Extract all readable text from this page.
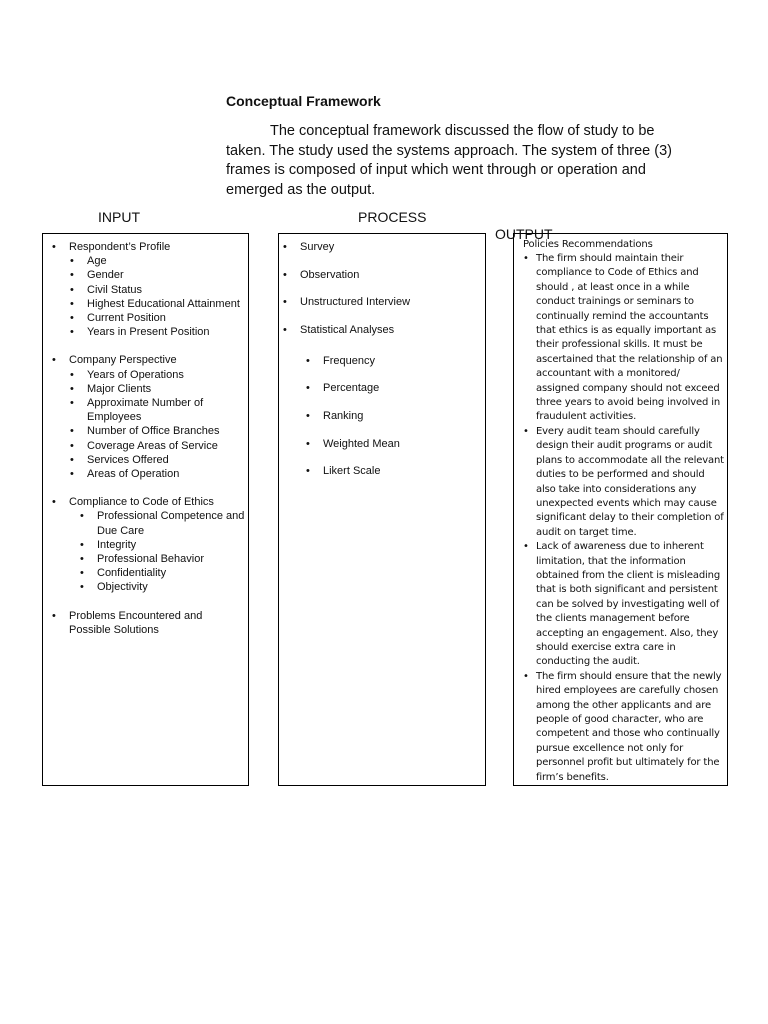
Conceptual Framework
The conceptual framework discussed the flow of study to be taken. The study used the systems approach. The system of three (3) frames is composed of input which went through or operation and emerged as the output.
INPUT	PROCESS
OUTPUT
• Respondent’s Profile
• Age
• Gender
• Civil Status
• Highest Educational Attainment
• Current Position
• Years in Present Position
• Company Perspective
• Years of Operations
• Major Clients
• Approximate Number of Employees
• Number of Office Branches
• Coverage Areas of Service
• Services Offered
• Areas of Operation
• Compliance to Code of Ethics
• Professional Competence and Due Care
• Integrity
• Professional Behavior
• Confidentiality
• Objectivity
• Problems Encountered and Possible Solutions
• Survey
• Observation
• Unstructured Interview
• Statistical Analyses
• Frequency
• Percentage
• Ranking
• Weighted Mean
• Likert Scale
Policies Recommendations
• The firm should maintain their compliance to Code of Ethics and should , at least once in a while conduct trainings or seminars to continually remind the accountants that ethics is as equally important as their professional skills. It must be ascertained that the relationship of an accountant with a monitored/ assigned company should not exceed three years to avoid being involved in fraudulent activities.
• Every audit team should carefully design their audit programs or audit plans to accommodate all the relevant duties to be performed and should also take into considerations any unexpected events which may cause significant delay to their completion of audit on target time.
• Lack of awareness due to inherent limitation, that the information obtained from the client is misleading that is both significant and persistent can be solved by investigating well of the clients management before accepting an engagement. Also, they should exercise extra care in conducting the audit.
• The firm should ensure that the newly hired employees are carefully chosen among the other applicants and are people of good character, who are competent and those who continually pursue excellence not only for personnel profit but ultimately for the firm’s benefits.
